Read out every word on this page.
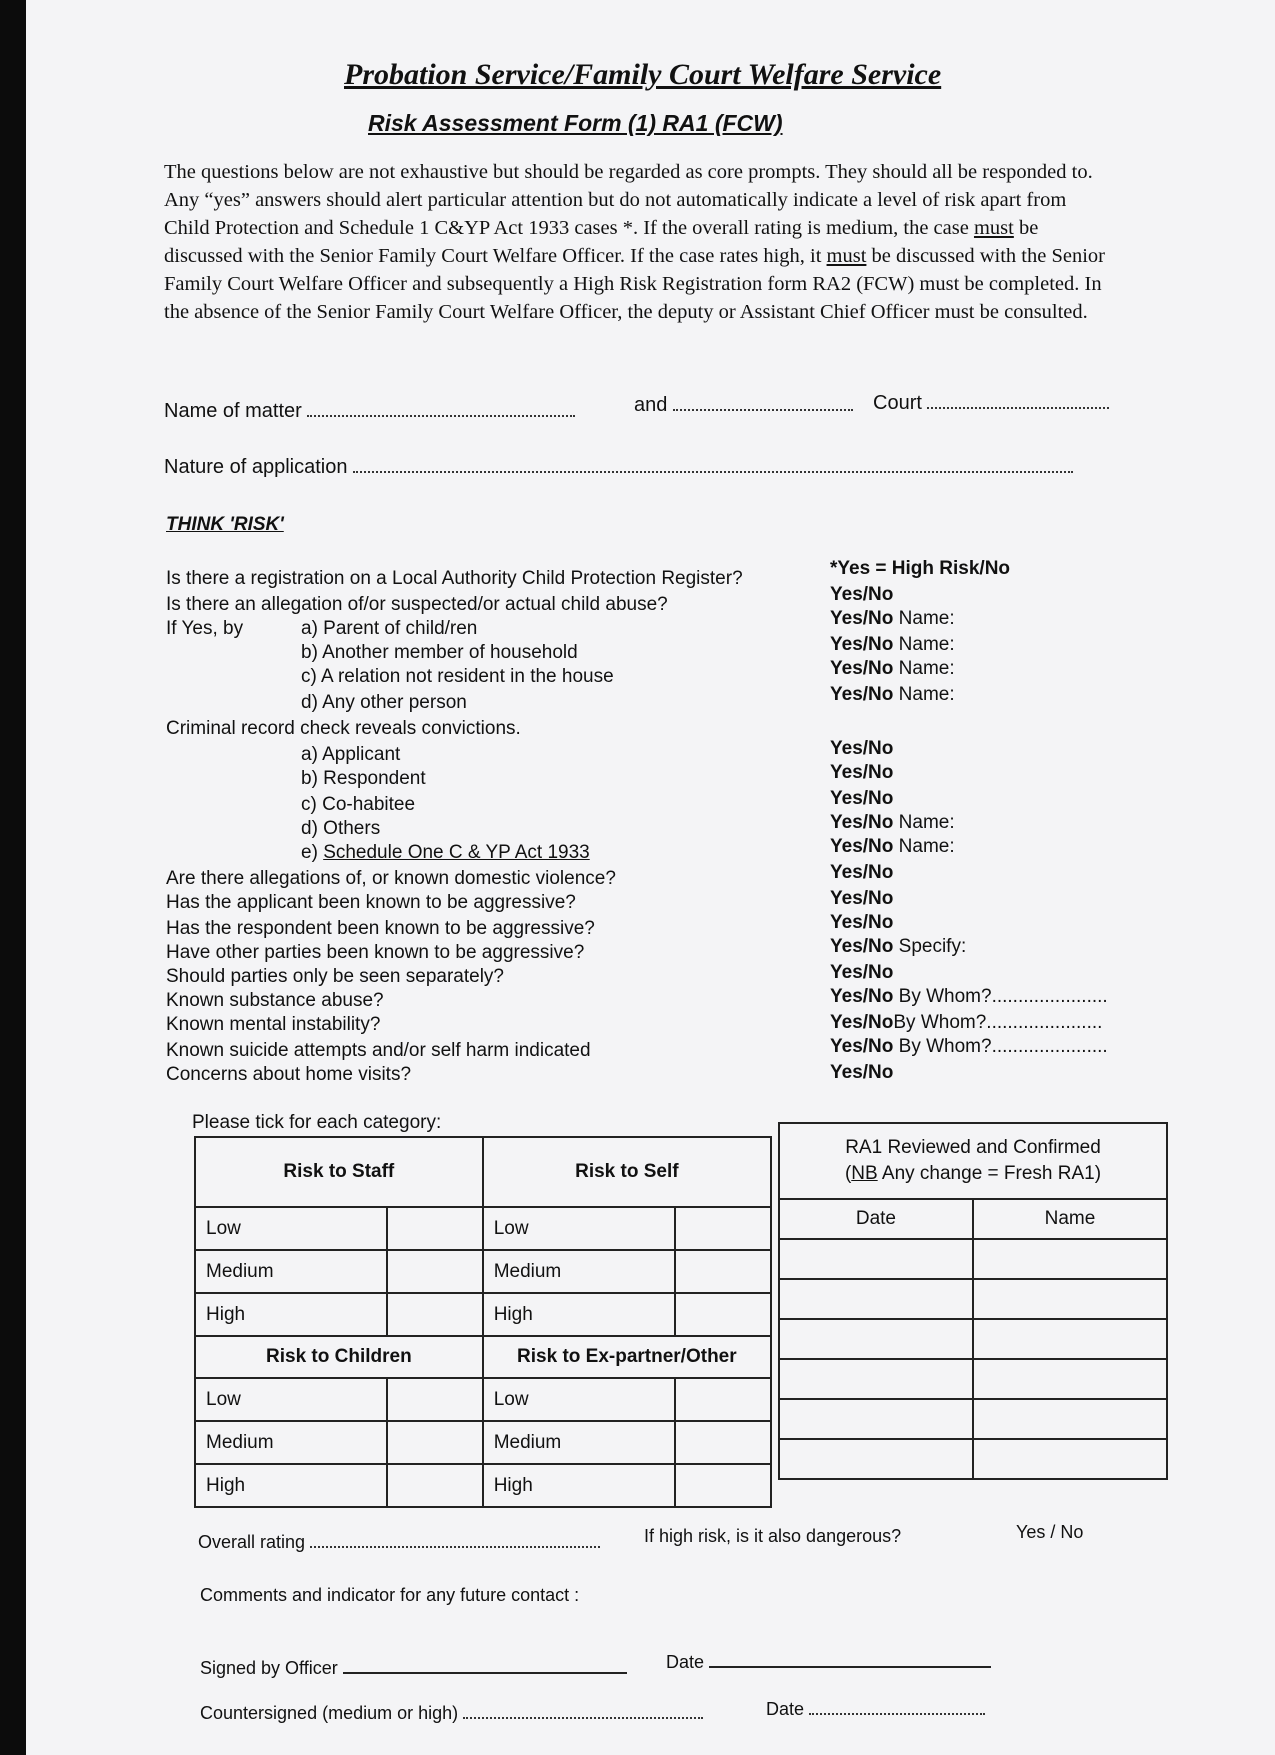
Probation Service/Family Court Welfare Service
Risk Assessment Form (1) RA1 (FCW)
The questions below are not exhaustive but should be regarded as core prompts. They should all be responded to. Any “yes” answers should alert particular attention but do not automatically indicate a level of risk apart from Child Protection and Schedule 1 C&YP Act 1933 cases *. If the overall rating is medium, the case must be discussed with the Senior Family Court Welfare Officer. If the case rates high, it must be discussed with the Senior Family Court Welfare Officer and subsequently a High Risk Registration form RA2 (FCW) must be completed. In the absence of the Senior Family Court Welfare Officer, the deputy or Assistant Chief Officer must be consulted.
Name of matter	and	Court
Nature of application
THINK 'RISK'
Is there a registration on a Local Authority Child Protection Register?	*Yes = High Risk/No
Is there an allegation of/or suspected/or actual child abuse?	Yes/No
If Yes, by	a) Parent of child/ren	Yes/No Name:
b) Another member of household	Yes/No Name:
c) A relation not resident in the house	Yes/No Name:
d) Any other person	Yes/No Name:
Criminal record check reveals convictions.
a) Applicant	Yes/No
b) Respondent	Yes/No
c) Co-habitee	Yes/No
d) Others	Yes/No Name:
e) Schedule One C & YP Act 1933	Yes/No Name:
Are there allegations of, or known domestic violence?	Yes/No
Has the applicant been known to be aggressive?	Yes/No
Has the respondent been known to be aggressive?	Yes/No
Have other parties been known to be aggressive?	Yes/No Specify:
Should parties only be seen separately?	Yes/No
Known substance abuse?	Yes/No By Whom?......................
Known mental instability?	Yes/NoBy Whom?......................
Known suicide attempts and/or self harm indicated	Yes/No By Whom?......................
Concerns about home visits?	Yes/No
Please tick for each category:
Risk to Staff		Risk to Self	
Low		Low	
Medium		Medium	
High		High	
Risk to Children		Risk to Ex-partner/Other	
Low		Low	
Medium		Medium	
High		High	
RA1 Reviewed and Confirmed
(NB Any change = Fresh RA1)	
Date	Name

Overall rating	If high risk, is it also dangerous?	Yes / No
Comments and indicator for any future contact :
Signed by Officer	Date
Countersigned (medium or high)	Date
